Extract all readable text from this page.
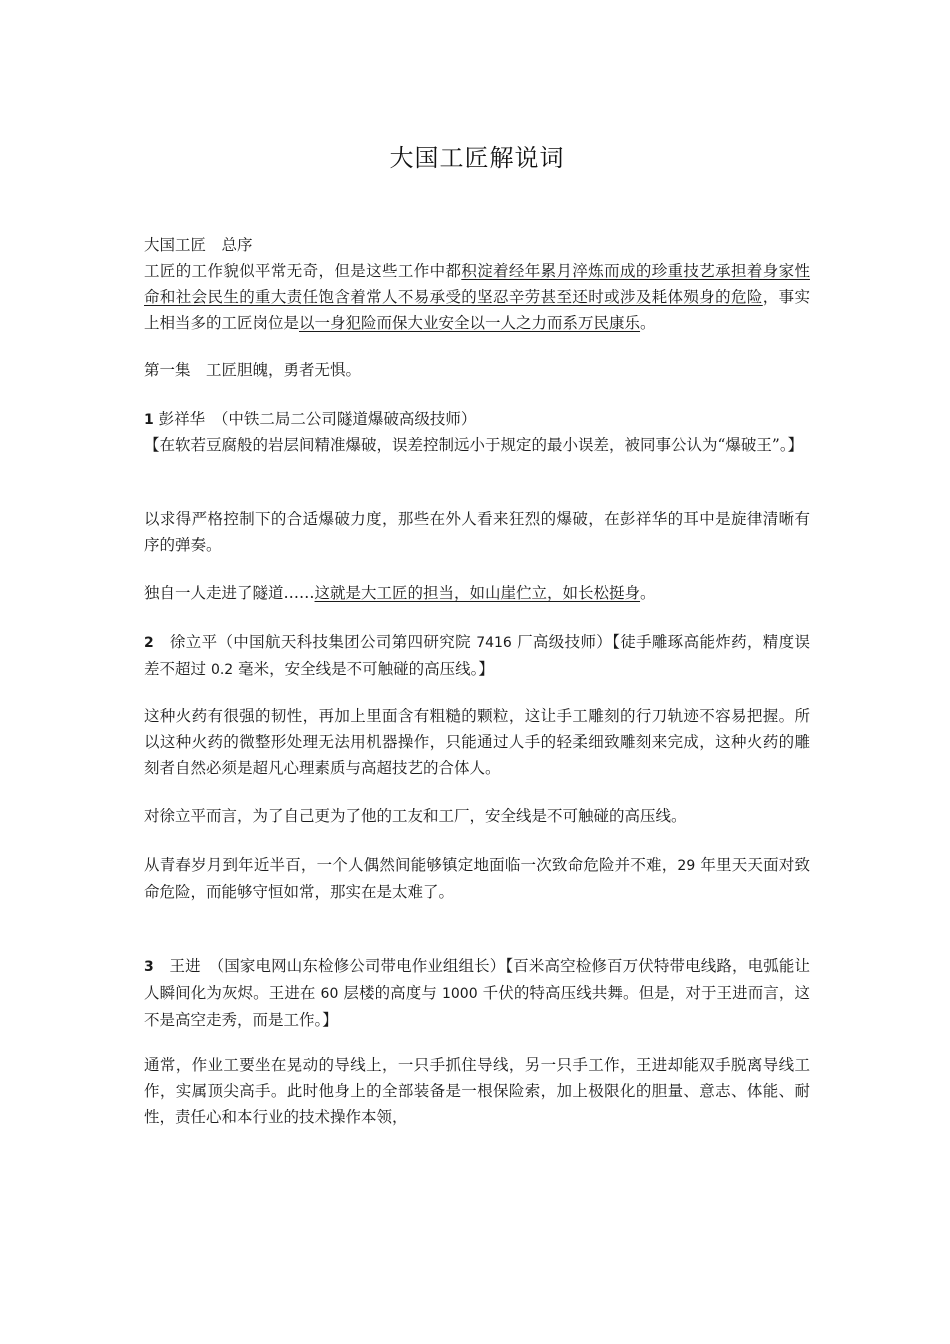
大国工匠解说词
大国工匠　总序

工匠的工作貌似平常无奇，但是这些工作中都积淀着经年累月淬炼而成的珍重技艺承担着身家性命和社会民生的重大责任饱含着常人不易承受的坚忍辛劳甚至还时或涉及耗体殒身的危险，事实上相当多的工匠岗位是以一身犯险而保大业安全以一人之力而系万民康乐。

第一集　工匠胆魄，勇者无惧。
1 彭祥华　（中铁二局二公司隧道爆破高级技师）

【在软若豆腐般的岩层间精准爆破，误差控制远小于规定的最小误差，被同事公认为“爆破王”。】

以求得严格控制下的合适爆破力度，那些在外人看来狂烈的爆破，在彭祥华的耳中是旋律清晰有序的弹奏。

独自一人走进了隧道……这就是大工匠的担当，如山崖伫立，如长松挺身。

2　徐立平（中国航天科技集团公司第四研究院 7416 厂高级技师）【徒手雕琢高能炸药，精度误差不超过 0.2 毫米，安全线是不可触碰的高压线。】

这种火药有很强的韧性，再加上里面含有粗糙的颗粒，这让手工雕刻的行刀轨迹不容易把握。所以这种火药的微整形处理无法用机器操作，只能通过人手的轻柔细致雕刻来完成，这种火药的雕刻者自然必须是超凡心理素质与高超技艺的合体人。

对徐立平而言，为了自己更为了他的工友和工厂，安全线是不可触碰的高压线。

从青春岁月到年近半百，一个人偶然间能够镇定地面临一次致命危险并不难，29 年里天天面对致命危险，而能够守恒如常，那实在是太难了。

3　王进　（国家电网山东检修公司带电作业组组长）【百米高空检修百万伏特带电线路，电弧能让人瞬间化为灰烬。王进在 60 层楼的高度与 1000 千伏的特高压线共舞。但是，对于王进而言，这不是高空走秀，而是工作。】

通常，作业工要坐在晃动的导线上，一只手抓住导线，另一只手工作，王进却能双手脱离导线工作，实属顶尖高手。此时他身上的全部装备是一根保险索，加上极限化的胆量、意志、体能、耐性，责任心和本行业的技术操作本领，
